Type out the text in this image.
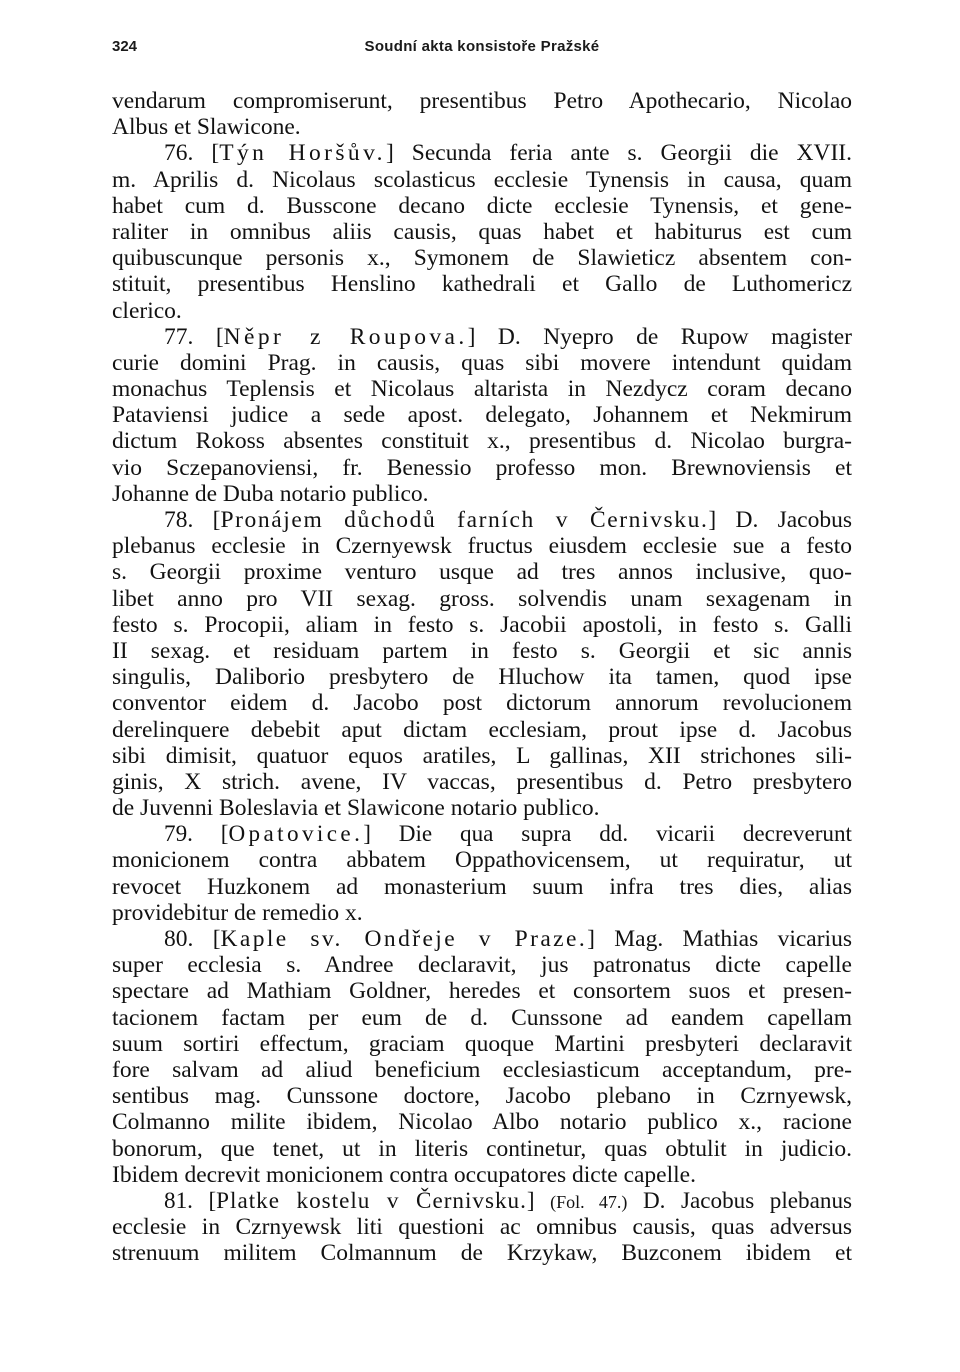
324	Soudní akta konsistoře Pražské
vendarum compromiserunt, presentibus Petro Apothecario, Nicolao
Albus et Slawicone.
76. [Týn Horšův.] Secunda feria ante s. Georgii die XVII.
m. Aprilis d. Nicolaus scolasticus ecclesie Tynensis in causa, quam
habet cum d. Busscone decano dicte ecclesie Tynensis, et gene-
raliter in omnibus aliis causis, quas habet et habiturus est cum
quibuscunque personis x., Symonem de Slawieticz absentem con-
stituit, presentibus Henslino kathedrali et Gallo de Luthomericz
clerico.
77. [Něpr z Roupova.] D. Nyepro de Rupow magister
curie domini Prag. in causis, quas sibi movere intendunt quidam
monachus Teplensis et Nicolaus altarista in Nezdycz coram decano
Pataviensi judice a sede apost. delegato, Johannem et Nekmirum
dictum Rokoss absentes constituit x., presentibus d. Nicolao burgra-
vio Sczepanoviensi, fr. Benessio professo mon. Brewnoviensis et
Johanne de Duba notario publico.
78. [Pronájem důchodů farních v Černivsku.] D. Jacobus
plebanus ecclesie in Czernyewsk fructus eiusdem ecclesie sue a festo
s. Georgii proxime venturo usque ad tres annos inclusive, quo-
libet anno pro VII sexag. gross. solvendis unam sexagenam in
festo s. Procopii, aliam in festo s. Jacobii apostoli, in festo s. Galli
II sexag. et residuam partem in festo s. Georgii et sic annis
singulis, Daliborio presbytero de Hluchow ita tamen, quod ipse
conventor eidem d. Jacobo post dictorum annorum revolucionem
derelinquere debebit aput dictam ecclesiam, prout ipse d. Jacobus
sibi dimisit, quatuor equos aratiles, L gallinas, XII strichones sili-
ginis, X strich. avene, IV vaccas, presentibus d. Petro presbytero
de Juvenni Boleslavia et Slawicone notario publico.
79. [Opatovice.] Die qua supra dd. vicarii decreverunt
monicionem contra abbatem Oppathovicensem, ut requiratur, ut
revocet Huzkonem ad monasterium suum infra tres dies, alias
providebitur de remedio x.
80. [Kaple sv. Ondřeje v Praze.] Mag. Mathias vicarius
super ecclesia s. Andree declaravit, jus patronatus dicte capelle
spectare ad Mathiam Goldner, heredes et consortem suos et presen-
tacionem factam per eum de d. Cunssone ad eandem capellam
suum sortiri effectum, graciam quoque Martini presbyteri declaravit
fore salvam ad aliud beneficium ecclesiasticum acceptandum, pre-
sentibus mag. Cunssone doctore, Jacobo plebano in Czrnyewsk,
Colmanno milite ibidem, Nicolao Albo notario publico x., racione
bonorum, que tenet, ut in literis continetur, quas obtulit in judicio.
Ibidem decrevit monicionem contra occupatores dicte capelle.
81. [Platke kostelu v Černivsku.] (Fol. 47.) D. Jacobus plebanus
ecclesie in Czrnyewsk liti questioni ac omnibus causis, quas adversus
strenuum militem Colmannum de Krzykaw, Buzconem ibidem et
